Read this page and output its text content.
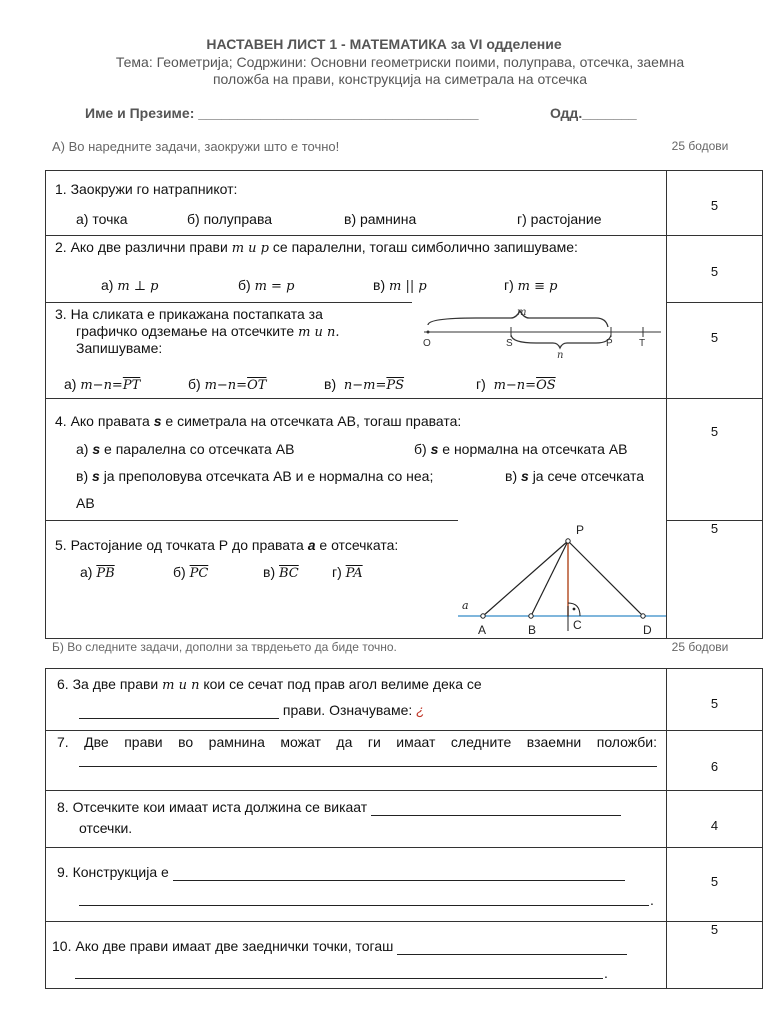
НАСТАВЕН ЛИСТ 1 - МАТЕМАТИКА за VI одделение
Тема: Геометрија; Содржини: Основни геометриски поими, полуправа, отсечка, заемна
положба на прави, конструкција на симетрала на отсечка
Име и Презиме: ____________________________________	Одд._______
А) Во наредните задачи, заокружи што е точно!	25 бодови
1. Заокружи го натрапникот:
а) точка	б) полуправа	в) рамнина	г) растојание
5
2. Ако две различни прави m и p се паралелни, тогаш симболично запишуваме:
а) m ⊥ p	б) m = p	в) m || p	г) m ≡ p
5
3. На сликата е прикажана постапката за
графичко одземање на отсечките m и n.
Запишуваме:
а) $m-n=\overline{PT}$	б) $m-n=\overline{OT}$	в) $n-m=\overline{PS}$	г) $m-n=\overline{OS}$
5
m
n
O	S	P	T
4. Ако правата s е симетрала на отсечката АВ, тогаш правата:
а) s е паралелна со отсечката АВ	б) s е нормална на отсечката АВ
в) s ја преполовува отсечката АВ и е нормална со неа;	в) s ја сече отсечката
АВ
5
5. Растојание од точката Р до правата a е отсечката:
а) $\overline{PB}$	б) $\overline{PC}$	в) $\overline{BC}$ г) $\overline{PA}$
5
P
A	B	C	D
a
Б) Во следните задачи, дополни за тврдењето да биде точно.	25 бодови
6. За две прави m и n кои се сечат под прав агол велиме дека се
прави. Означуваме: ¿	5
7. Две прави во рамнина можат да ги имаат следните взаемни положби:
6
8. Отсечките кои имаат иста должина се викаат
отсечки.	4
9. Конструкција е
.
5
10. Ако две прави имаат две заеднички точки, тогаш
.
5
